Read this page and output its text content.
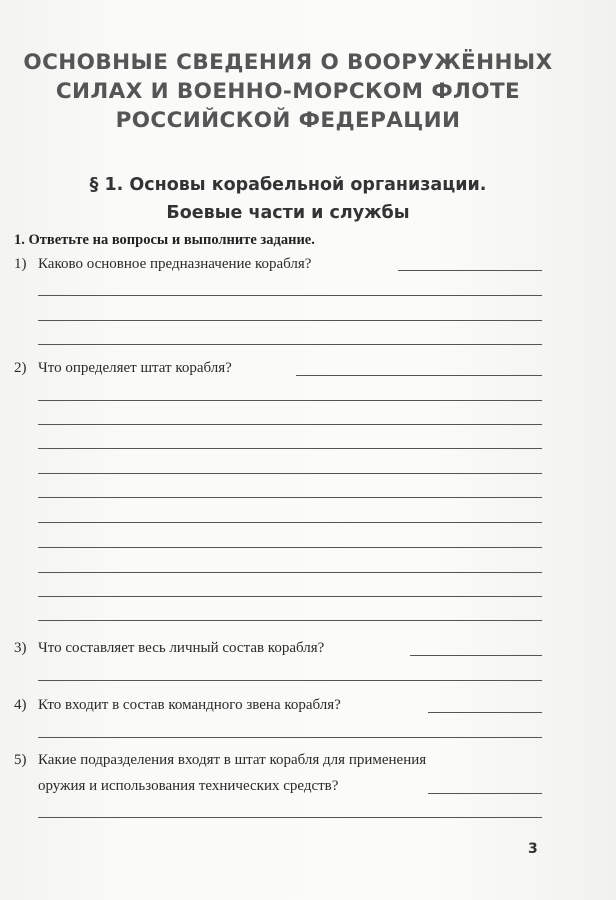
ОСНОВНЫЕ СВЕДЕНИЯ О ВООРУЖЁННЫХ
СИЛАХ И ВОЕННО-МОРСКОМ ФЛОТЕ
РОССИЙСКОЙ ФЕДЕРАЦИИ
§ 1. Основы корабельной организации.
Боевые части и службы
1. Ответьте на вопросы и выполните задание.
1) Каково основное предназначение корабля?
2) Что определяет штат корабля?
3) Что составляет весь личный состав корабля?
4) Кто входит в состав командного звена корабля?
5) Какие подразделения входят в штат корабля для применения
оружия и использования технических средств?
3
